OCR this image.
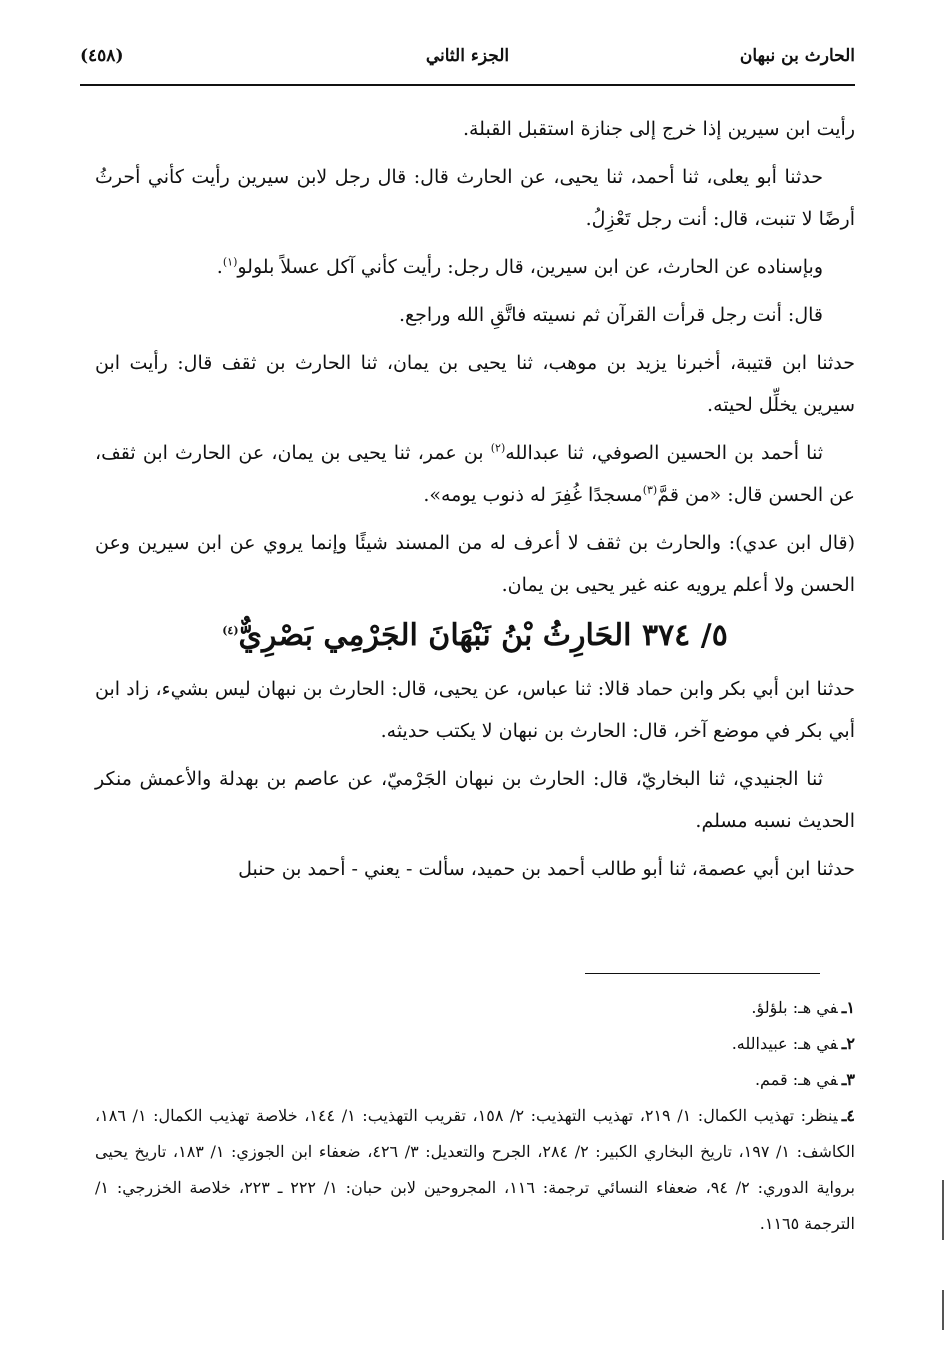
الحارث بن نبهان
الجزء الثاني
(٤٥٨)

رأيت ابن سيرين إذا خرج إلى جنازة استقبل القبلة.

حدثنا أبو يعلى، ثنا أحمد، ثنا يحيى، عن الحارث قال: قال رجل لابن سيرين رأيت كأني أحرثُ أرضًا لا تنبت، قال: أنت رجل تَعْزِلُ.

وبإسناده عن الحارث، عن ابن سيرين، قال رجل: رأيت كأني آكل عسلاً بلولو$^{(١)}$.

قال: أنت رجل قرأت القرآن ثم نسيته فاتَّقِ الله وراجع.

حدثنا ابن قتيبة، أخبرنا يزيد بن موهب، ثنا يحيى بن يمان، ثنا الحارث بن ثقف قال: رأيت ابن سيرين يخلِّل لحيته.

ثنا أحمد بن الحسين الصوفي، ثنا عبدالله$^{(٢)}$ بن عمر، ثنا يحيى بن يمان، عن الحارث ابن ثقف، عن الحسن قال: «من قمَّ$^{(٣)}$مسجدًا غُفِرَ له ذنوب يومه».

(قال ابن عدي): والحارث بن ثقف لا أعرف له من المسند شيئًا وإنما يروي عن ابن سيرين وعن الحسن ولا أعلم يرويه عنه غير يحيى بن يمان.

٥/ ٣٧٤ الحَارِثُ بْنُ نَبْهَانَ الجَرْمِي بَصْرِيٌّ$^{(٤)}$

حدثنا ابن أبي بكر وابن حماد قالا: ثنا عباس، عن يحيى، قال: الحارث بن نبهان ليس بشيء، زاد ابن أبي بكر في موضع آخر، قال: الحارث بن نبهان لا يكتب حديثه.

ثنا الجنيدي، ثنا البخاريّ، قال: الحارث بن نبهان الجَرْميّ، عن عاصم بن بهدلة والأعمش منكر الحديث نسبه مسلم.

حدثنا ابن أبي عصمة، ثنا أبو طالب أحمد بن حميد، سألت - يعني - أحمد بن حنبل

١ـفي هـ: بلؤلؤ.

٢ـفي هـ: عبيدالله.

٣ـفي هـ: قمم.

٤ـينظر: تهذيب الكمال: ١/ ٢١٩، تهذيب التهذيب: ٢/ ١٥٨، تقريب التهذيب: ١/ ١٤٤، خلاصة تهذيب الكمال: ١/ ١٨٦، الكاشف: ١/ ١٩٧، تاريخ البخاري الكبير: ٢/ ٢٨٤، الجرح والتعديل: ٣/ ٤٢٦، ضعفاء ابن الجوزي: ١/ ١٨٣، تاريخ يحيى برواية الدوري: ٢/ ٩٤، ضعفاء النسائي ترجمة: ١١٦، المجروحين لابن حبان: ١/ ٢٢٢ ـ ٢٢٣، خلاصة الخزرجي: ١/ الترجمة ١١٦٥.
